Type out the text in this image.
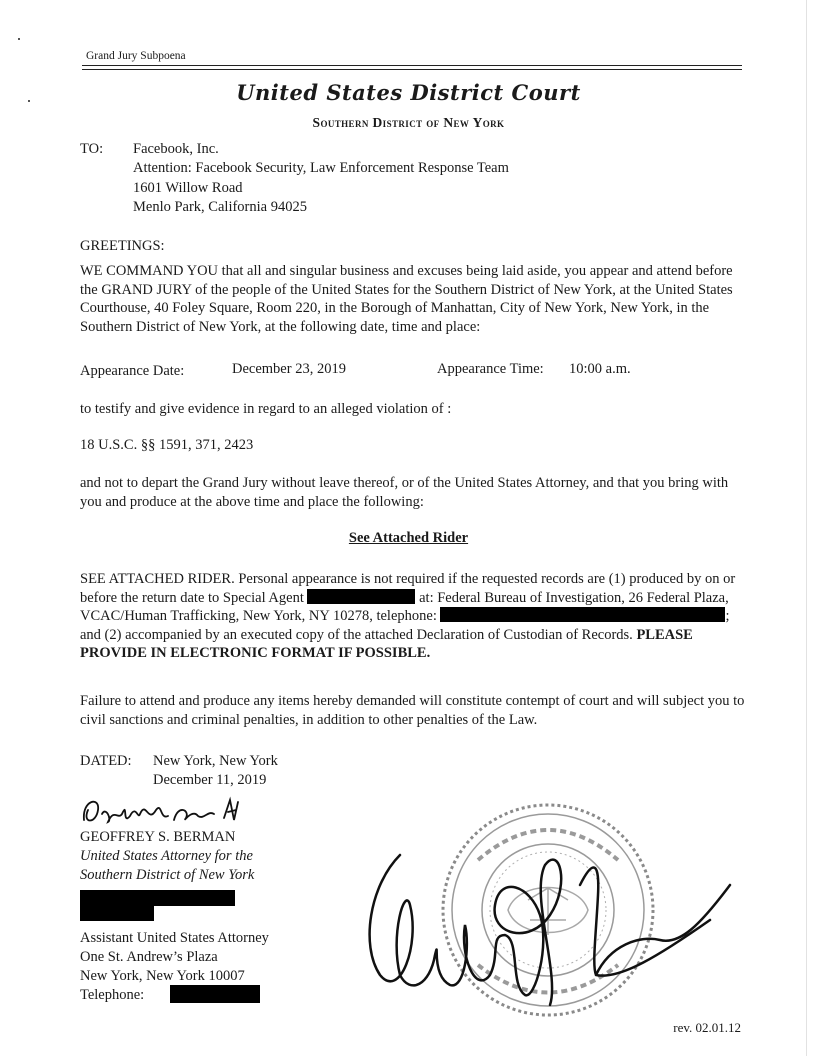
Grand Jury Subpoena
United States District Court
Southern District of New York
TO: Facebook, Inc.
Attention: Facebook Security, Law Enforcement Response Team
1601 Willow Road
Menlo Park, California 94025
GREETINGS:
WE COMMAND YOU that all and singular business and excuses being laid aside, you appear and attend before the GRAND JURY of the people of the United States for the Southern District of New York, at the United States Courthouse, 40 Foley Square, Room 220, in the Borough of Manhattan, City of New York, New York, in the Southern District of New York, at the following date, time and place:
Appearance Date:	December 23, 2019	Appearance Time: 10:00 a.m.
to testify and give evidence in regard to an alleged violation of :
18 U.S.C. §§ 1591, 371, 2423
and not to depart the Grand Jury without leave thereof, or of the United States Attorney, and that you bring with you and produce at the above time and place the following:
See Attached Rider
SEE ATTACHED RIDER. Personal appearance is not required if the requested records are (1) produced by on or before the return date to Special Agent	at: Federal Bureau of Investigation, 26 Federal Plaza, VCAC/Human Trafficking, New York, NY 10278, telephone:	; and (2) accompanied by an executed copy of the attached Declaration of Custodian of Records. PLEASE PROVIDE IN ELECTRONIC FORMAT IF POSSIBLE.
Failure to attend and produce any items hereby demanded will constitute contempt of court and will subject you to civil sanctions and criminal penalties, in addition to other penalties of the Law.
DATED: New York, New York
December 11, 2019
GEOFFREY S. BERMAN
United States Attorney for the
Southern District of New York
Assistant United States Attorney
One St. Andrew’s Plaza
New York, New York 10007
Telephone:
rev. 02.01.12
